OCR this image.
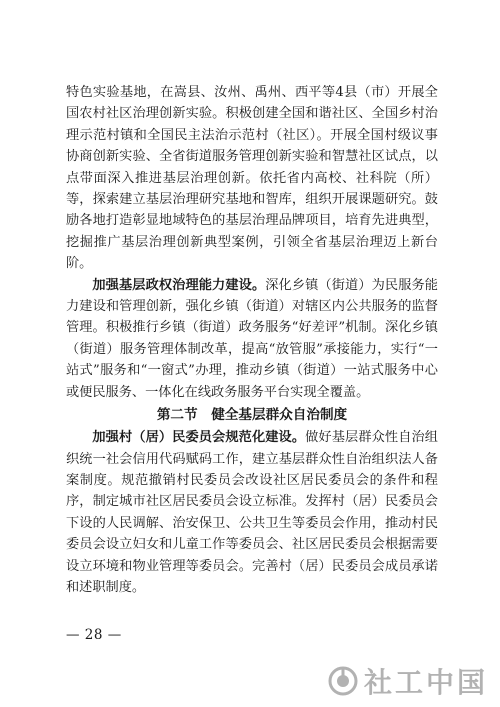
特色实验基地，在嵩县、汝州、禹州、西平等4县（市）开展全国农村社区治理创新实验。积极创建全国和谐社区、全国乡村治理示范村镇和全国民主法治示范村（社区）。开展全国村级议事协商创新实验、全省街道服务管理创新实验和智慧社区试点，以点带面深入推进基层治理创新。依托省内高校、社科院（所）等，探索建立基层治理研究基地和智库，组织开展课题研究。鼓励各地打造彰显地域特色的基层治理品牌项目，培育先进典型，挖掘推广基层治理创新典型案例，引领全省基层治理迈上新台阶。

加强基层政权治理能力建设。深化乡镇（街道）为民服务能力建设和管理创新，强化乡镇（街道）对辖区内公共服务的监督管理。积极推行乡镇（街道）政务服务“好差评”机制。深化乡镇（街道）服务管理体制改革，提高“放管服”承接能力，实行“一站式”服务和“一窗式”办理，推动乡镇（街道）一站式服务中心或便民服务、一体化在线政务服务平台实现全覆盖。

第二节　健全基层群众自治制度

加强村（居）民委员会规范化建设。做好基层群众性自治组织统一社会信用代码赋码工作，建立基层群众性自治组织法人备案制度。规范撤销村民委员会改设社区居民委员会的条件和程序，制定城市社区居民委员会设立标准。发挥村（居）民委员会下设的人民调解、治安保卫、公共卫生等委员会作用，推动村民委员会设立妇女和儿童工作等委员会、社区居民委员会根据需要设立环境和物业管理等委员会。完善村（居）民委员会成员承诺和述职制度。

— 28 —
社工中国
